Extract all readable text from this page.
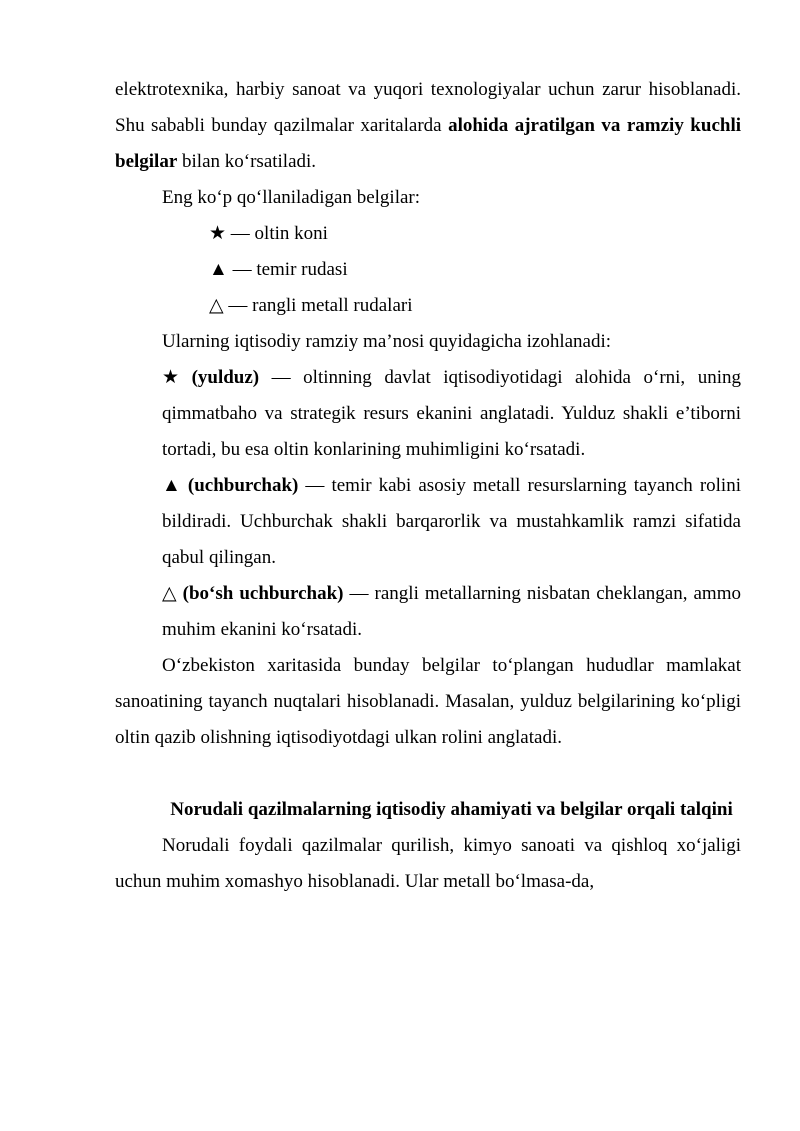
elektrotexnika, harbiy sanoat va yuqori texnologiyalar uchun zarur hisoblanadi. Shu sababli bunday qazilmalar xaritalarda alohida ajratilgan va ramziy kuchli belgilar bilan ko‘rsatiladi.

Eng ko‘p qo‘llaniladigan belgilar:

★ — oltin koni

▲ — temir rudasi

△ — rangli metall rudalari

Ularning iqtisodiy ramziy ma’nosi quyidagicha izohlanadi:

★ (yulduz) — oltinning davlat iqtisodiyotidagi alohida o‘rni, uning qimmatbaho va strategik resurs ekanini anglatadi. Yulduz shakli e’tiborni tortadi, bu esa oltin konlarining muhimligini ko‘rsatadi.

▲ (uchburchak) — temir kabi asosiy metall resurslarning tayanch rolini bildiradi. Uchburchak shakli barqarorlik va mustahkamlik ramzi sifatida qabul qilingan.

△ (bo‘sh uchburchak) — rangli metallarning nisbatan cheklangan, ammo muhim ekanini ko‘rsatadi.

O‘zbekiston xaritasida bunday belgilar to‘plangan hududlar mamlakat sanoatining tayanch nuqtalari hisoblanadi. Masalan, yulduz belgilarining ko‘pligi oltin qazib olishning iqtisodiyotdagi ulkan rolini anglatadi.

Norudali qazilmalarning iqtisodiy ahamiyati va belgilar orqali talqini

Norudali foydali qazilmalar qurilish, kimyo sanoati va qishloq xo‘jaligi uchun muhim xomashyo hisoblanadi. Ular metall bo‘lmasa-da,
